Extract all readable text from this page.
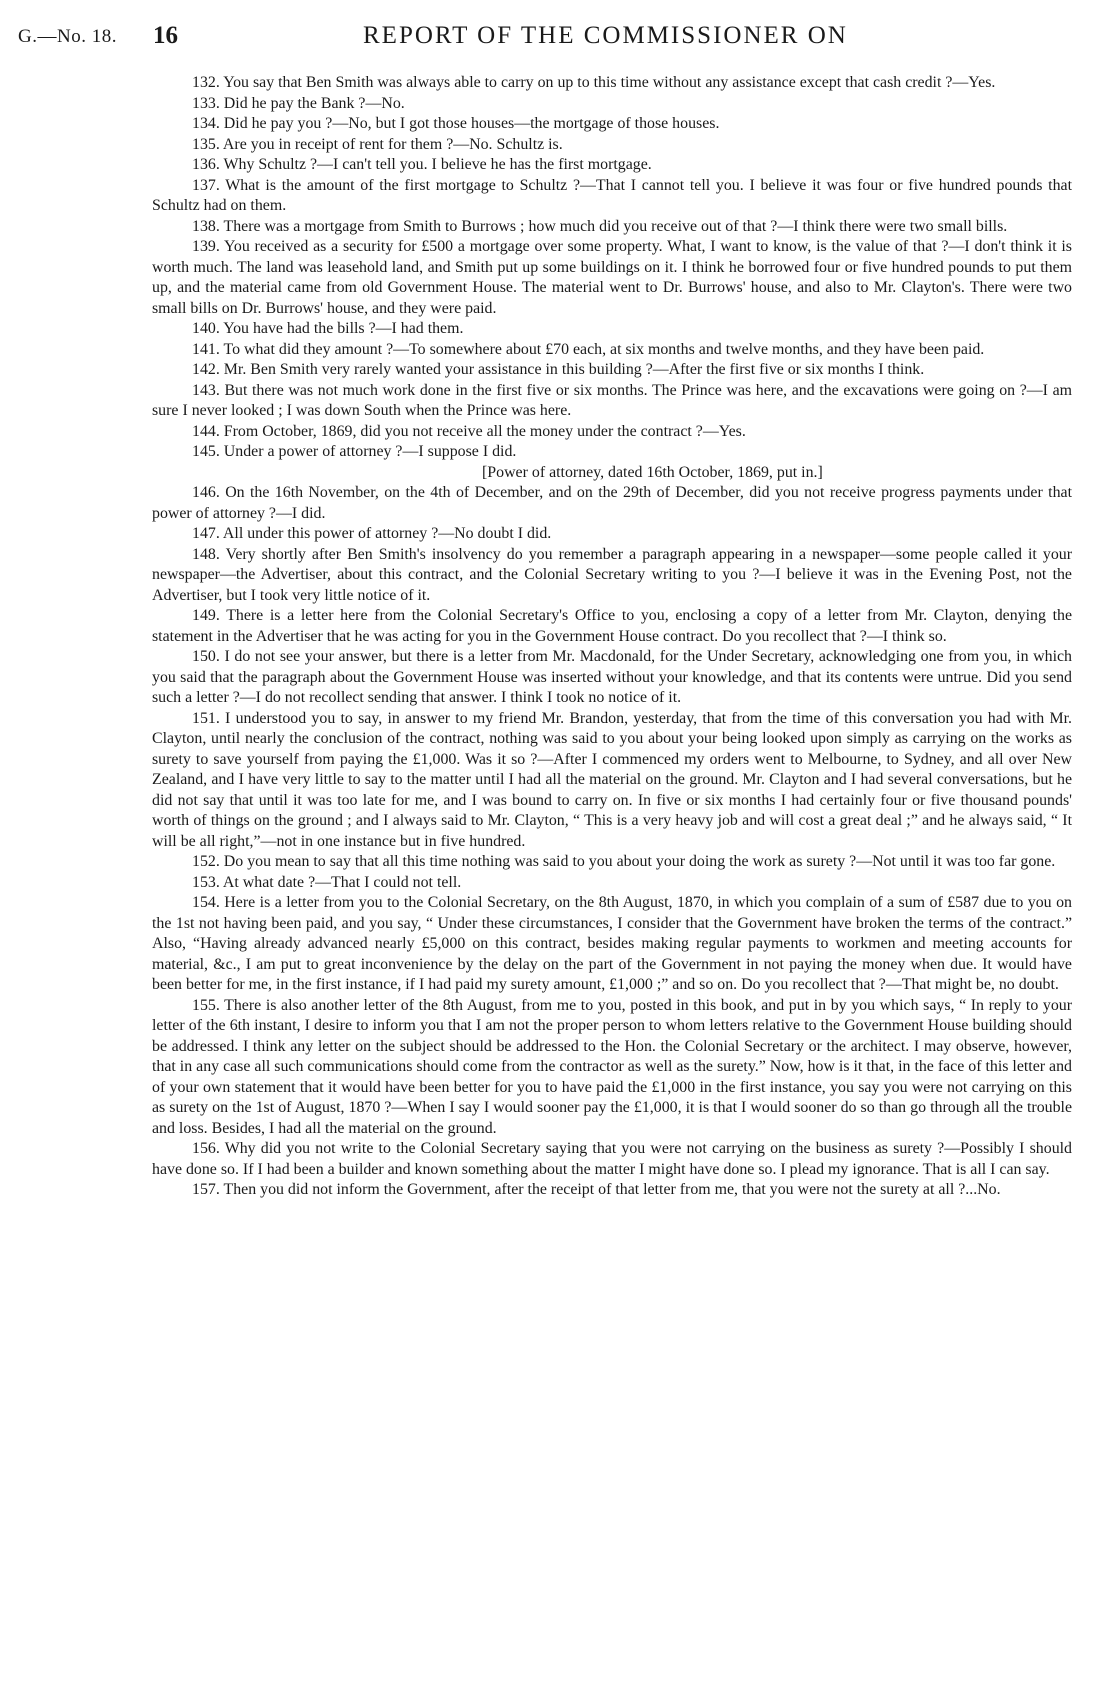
G.—No. 18. 16	REPORT OF THE COMMISSIONER ON

132. You say that Ben Smith was always able to carry on up to this time without any assistance except that cash credit ?—Yes.

133. Did he pay the Bank ?—No.

134. Did he pay you ?—No, but I got those houses—the mortgage of those houses.

135. Are you in receipt of rent for them ?—No. Schultz is.

136. Why Schultz ?—I can't tell you. I believe he has the first mortgage.

137. What is the amount of the first mortgage to Schultz ?—That I cannot tell you. I believe it was four or five hundred pounds that Schultz had on them.

138. There was a mortgage from Smith to Burrows ; how much did you receive out of that ?—I think there were two small bills.

139. You received as a security for £500 a mortgage over some property. What, I want to know, is the value of that ?—I don't think it is worth much. The land was leasehold land, and Smith put up some buildings on it. I think he borrowed four or five hundred pounds to put them up, and the material came from old Government House. The material went to Dr. Burrows' house, and also to Mr. Clayton's. There were two small bills on Dr. Burrows' house, and they were paid.

140. You have had the bills ?—I had them.

141. To what did they amount ?—To somewhere about £70 each, at six months and twelve months, and they have been paid.

142. Mr. Ben Smith very rarely wanted your assistance in this building ?—After the first five or six months I think.

143. But there was not much work done in the first five or six months. The Prince was here, and the excavations were going on ?—I am sure I never looked ; I was down South when the Prince was here.

144. From October, 1869, did you not receive all the money under the contract ?—Yes.

145. Under a power of attorney ?—I suppose I did.

[Power of attorney, dated 16th October, 1869, put in.]

146. On the 16th November, on the 4th of December, and on the 29th of December, did you not receive progress payments under that power of attorney ?—I did.

147. All under this power of attorney ?—No doubt I did.

148. Very shortly after Ben Smith's insolvency do you remember a paragraph appearing in a newspaper—some people called it your newspaper—the Advertiser, about this contract, and the Colonial Secretary writing to you ?—I believe it was in the Evening Post, not the Advertiser, but I took very little notice of it.

149. There is a letter here from the Colonial Secretary's Office to you, enclosing a copy of a letter from Mr. Clayton, denying the statement in the Advertiser that he was acting for you in the Government House contract. Do you recollect that ?—I think so.

150. I do not see your answer, but there is a letter from Mr. Macdonald, for the Under Secretary, acknowledging one from you, in which you said that the paragraph about the Government House was inserted without your knowledge, and that its contents were untrue. Did you send such a letter ?—I do not recollect sending that answer. I think I took no notice of it.

151. I understood you to say, in answer to my friend Mr. Brandon, yesterday, that from the time of this conversation you had with Mr. Clayton, until nearly the conclusion of the contract, nothing was said to you about your being looked upon simply as carrying on the works as surety to save yourself from paying the £1,000. Was it so ?—After I commenced my orders went to Melbourne, to Sydney, and all over New Zealand, and I have very little to say to the matter until I had all the material on the ground. Mr. Clayton and I had several conversations, but he did not say that until it was too late for me, and I was bound to carry on. In five or six months I had certainly four or five thousand pounds' worth of things on the ground ; and I always said to Mr. Clayton, “ This is a very heavy job and will cost a great deal ;” and he always said, “ It will be all right,”—not in one instance but in five hundred.

152. Do you mean to say that all this time nothing was said to you about your doing the work as surety ?—Not until it was too far gone.

153. At what date ?—That I could not tell.

154. Here is a letter from you to the Colonial Secretary, on the 8th August, 1870, in which you complain of a sum of £587 due to you on the 1st not having been paid, and you say, “ Under these circumstances, I consider that the Government have broken the terms of the contract.” Also, “Having already advanced nearly £5,000 on this contract, besides making regular payments to workmen and meeting accounts for material, &c., I am put to great inconvenience by the delay on the part of the Government in not paying the money when due. It would have been better for me, in the first instance, if I had paid my surety amount, £1,000 ;” and so on. Do you recollect that ?—That might be, no doubt.

155. There is also another letter of the 8th August, from me to you, posted in this book, and put in by you which says, “ In reply to your letter of the 6th instant, I desire to inform you that I am not the proper person to whom letters relative to the Government House building should be addressed. I think any letter on the subject should be addressed to the Hon. the Colonial Secretary or the architect. I may observe, however, that in any case all such communications should come from the contractor as well as the surety.” Now, how is it that, in the face of this letter and of your own statement that it would have been better for you to have paid the £1,000 in the first instance, you say you were not carrying on this as surety on the 1st of August, 1870 ?—When I say I would sooner pay the £1,000, it is that I would sooner do so than go through all the trouble and loss. Besides, I had all the material on the ground.

156. Why did you not write to the Colonial Secretary saying that you were not carrying on the business as surety ?—Possibly I should have done so. If I had been a builder and known something about the matter I might have done so. I plead my ignorance. That is all I can say.

157. Then you did not inform the Government, after the receipt of that letter from me, that you were not the surety at all ?...No.
